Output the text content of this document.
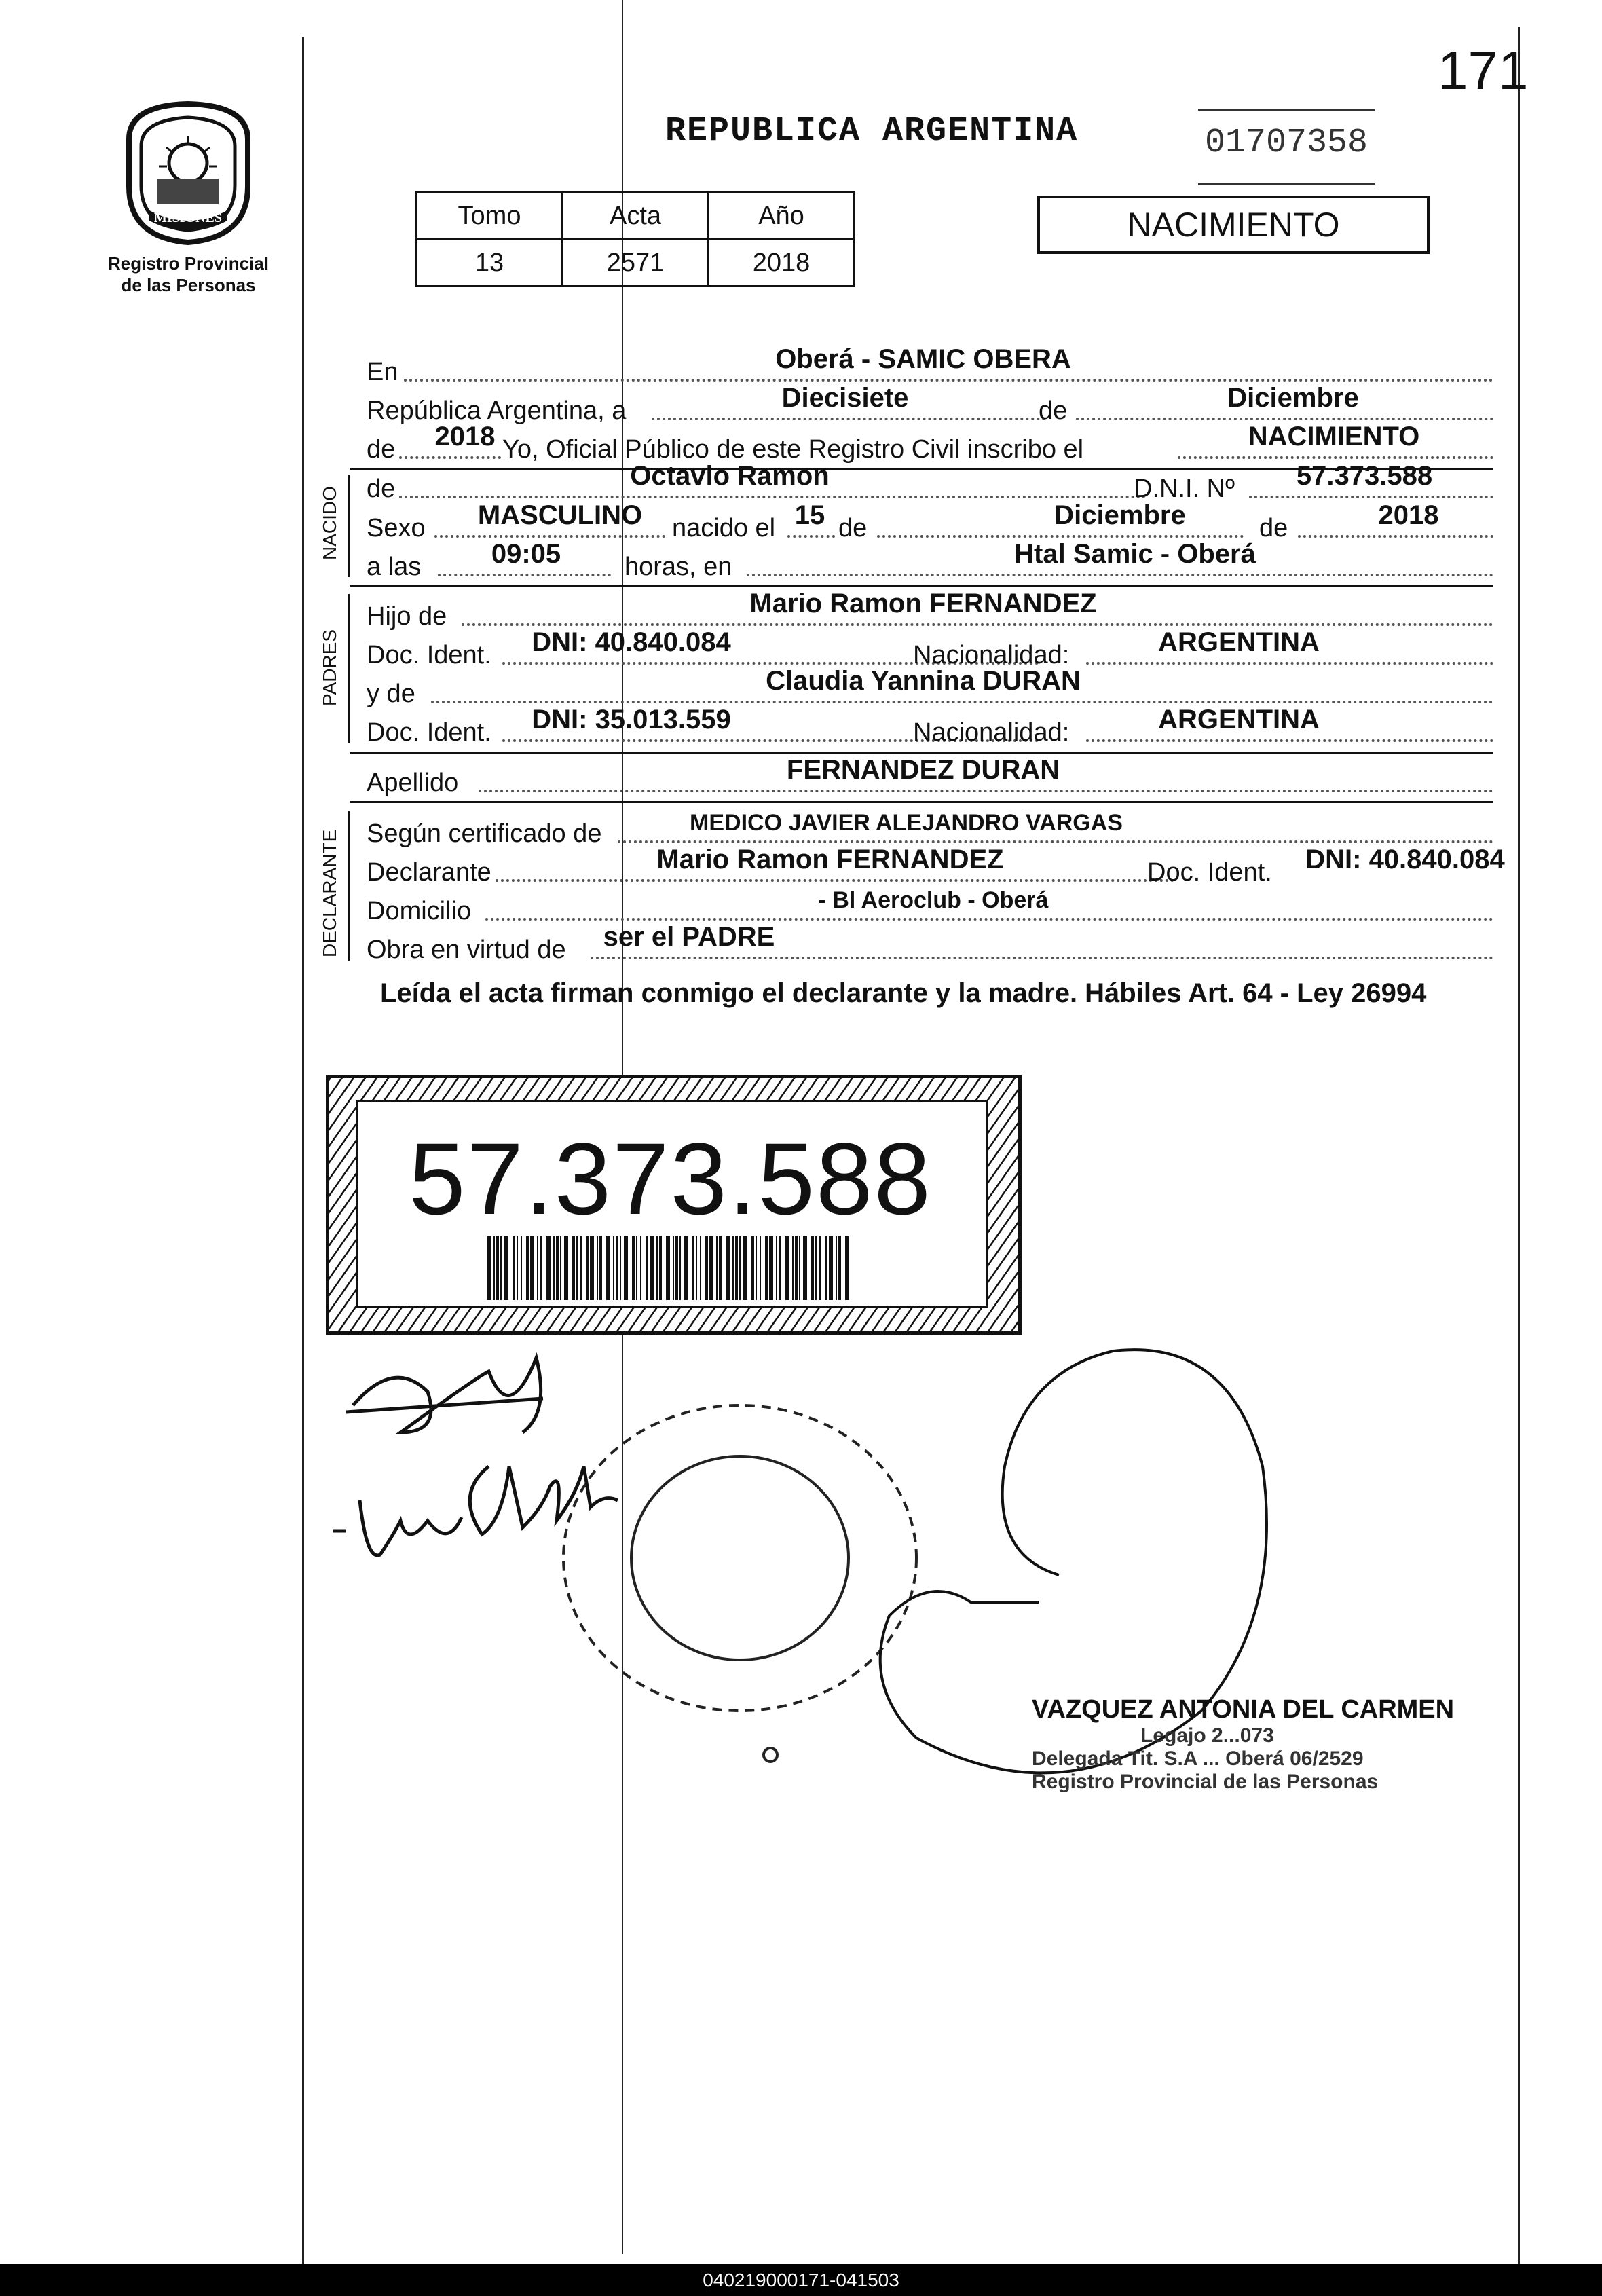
171
MISIONES
Registro Provincial
de las Personas
REPUBLICA ARGENTINA	01707358
Tomo	Acta	Año
13	2571	2018
NACIMIENTO
En	Oberá - SAMIC OBERA
República Argentina, a	Diecisiete	de	Diciembre
de 2018 Yo, Oficial Público de este Registro Civil inscribo el	NACIMIENTO
NACIDO de	Octavio Ramon	D.N.I. Nº 57.373.588
Sexo MASCULINO nacido el 15 de	Diciembre	de	2018
a las	09:05 horas, en	Htal Samic - Oberá
PADRES
Hijo de	Mario Ramon FERNANDEZ
Doc. Ident. DNI: 40.840.084	Nacionalidad:	ARGENTINA
y de	Claudia Yannina DURAN
Doc. Ident. DNI: 35.013.559	Nacionalidad:	ARGENTINA
Apellido	FERNANDEZ DURAN
DECLARANTE Según certificado de	MEDICO JAVIER ALEJANDRO VARGAS
Declarante	Mario Ramon FERNANDEZ	Doc. Ident. DNI: 40.840.084
Domicilio	- Bl Aeroclub - Oberá
Obra en virtud de ser el PADRE
Leída el acta firman conmigo el declarante y la madre. Hábiles Art. 64 - Ley 26994
57.373.588
VAZQUEZ ANTONIA DEL CARMEN
Legajo 2...073
Delegada Tit. S.A ... Oberá 06/2529
Registro Provincial de las Personas
040219000171-041503
